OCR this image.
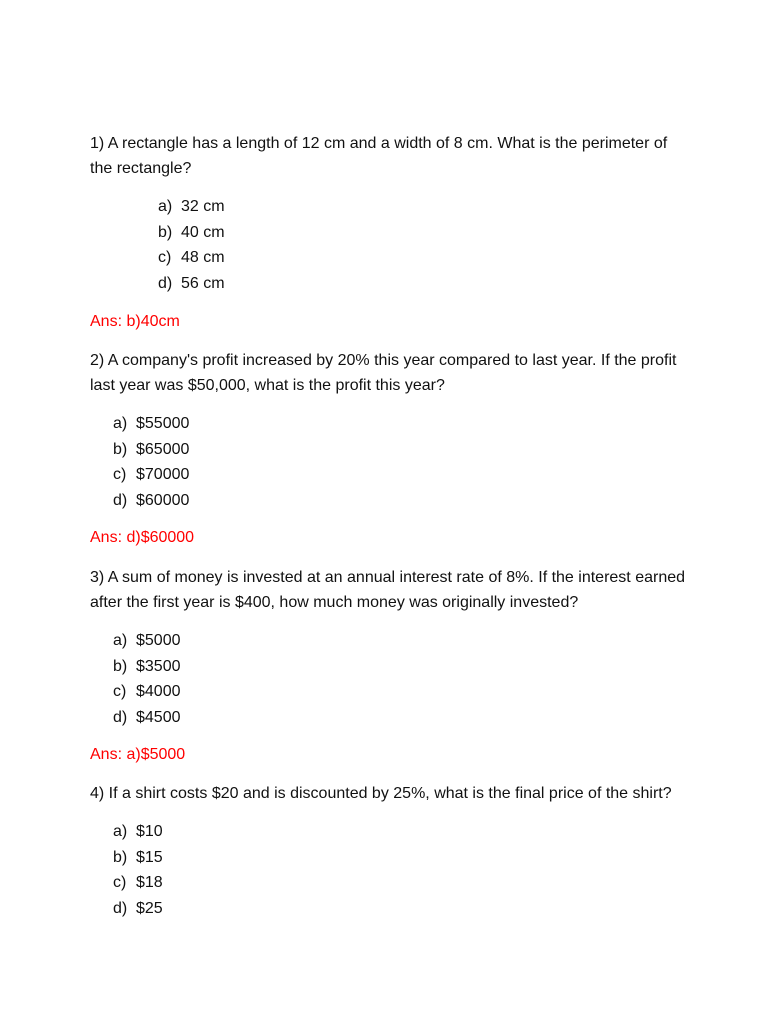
1) A rectangle has a length of 12 cm and a width of 8 cm. What is the perimeter of the rectangle?

a) 32 cm
b) 40 cm
c) 48 cm
d) 56 cm

Ans: b)40cm

2) A company's profit increased by 20% this year compared to last year. If the profit last year was $50,000, what is the profit this year?

a) $55000
b) $65000
c) $70000
d) $60000

Ans: d)$60000

3) A sum of money is invested at an annual interest rate of 8%. If the interest earned after the first year is $400, how much money was originally invested?

a) $5000
b) $3500
c) $4000
d) $4500

Ans: a)$5000

4) If a shirt costs $20 and is discounted by 25%, what is the final price of the shirt?

a) $10
b) $15
c) $18
d) $25
